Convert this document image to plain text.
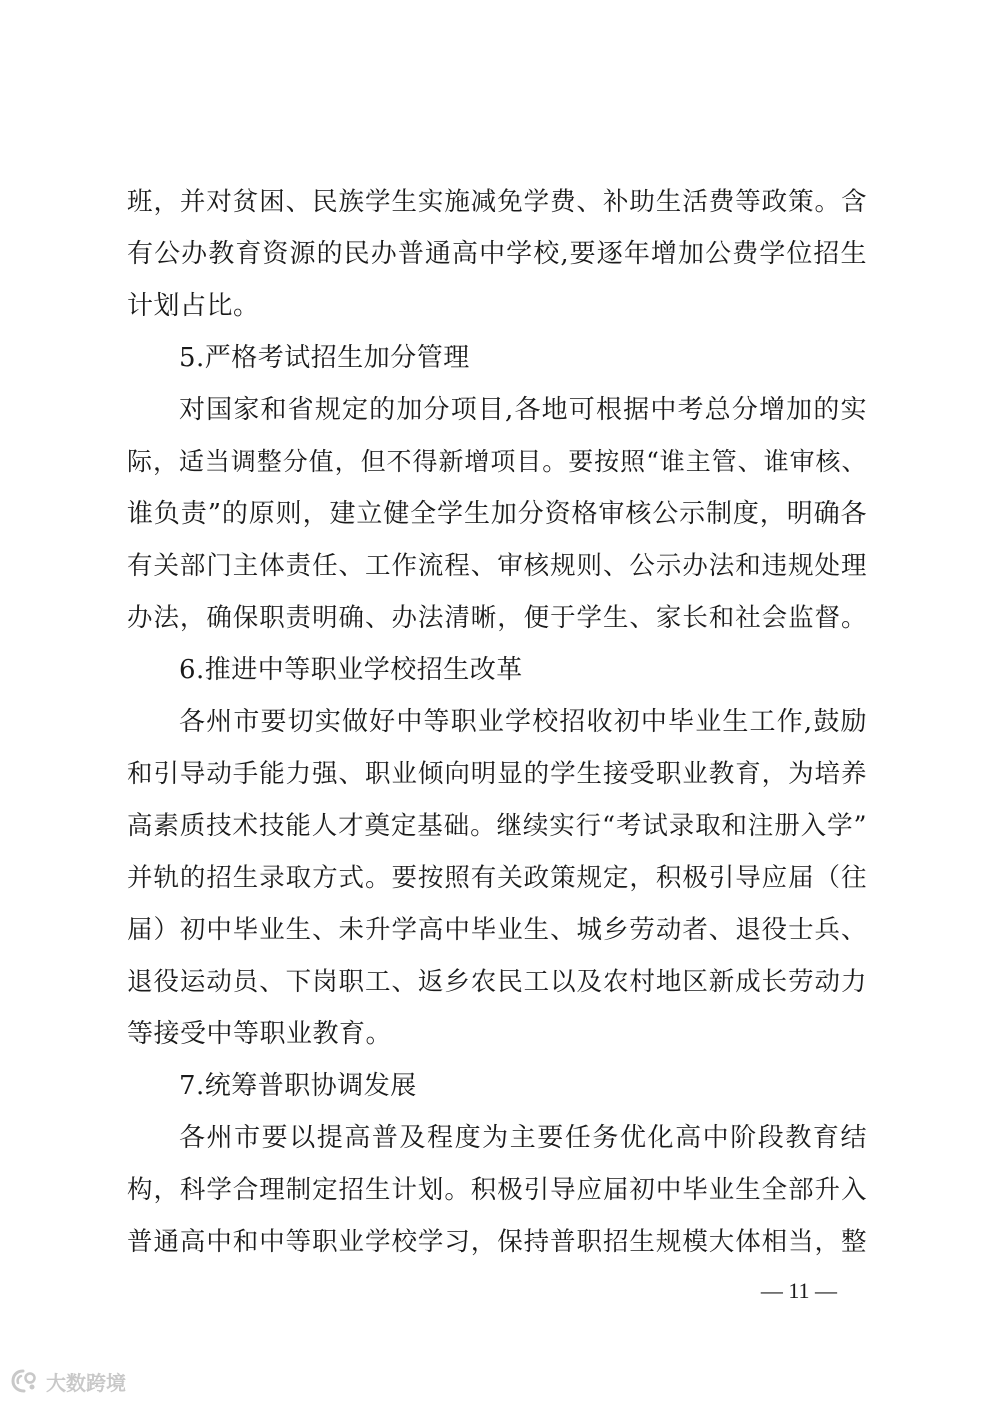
班，并对贫困、民族学生实施减免学费、补助生活费等政策。含
有公办教育资源的民办普通高中学校,要逐年增加公费学位招生
计划占比。
5.严格考试招生加分管理
对国家和省规定的加分项目,各地可根据中考总分增加的实
际，适当调整分值，但不得新增项目。要按照“谁主管、谁审核、
谁负责”的原则，建立健全学生加分资格审核公示制度，明确各
有关部门主体责任、工作流程、审核规则、公示办法和违规处理
办法，确保职责明确、办法清晰，便于学生、家长和社会监督。
6.推进中等职业学校招生改革
各州市要切实做好中等职业学校招收初中毕业生工作,鼓励
和引导动手能力强、职业倾向明显的学生接受职业教育，为培养
高素质技术技能人才奠定基础。继续实行“考试录取和注册入学”
并轨的招生录取方式。要按照有关政策规定，积极引导应届（往
届）初中毕业生、未升学高中毕业生、城乡劳动者、退役士兵、
退役运动员、下岗职工、返乡农民工以及农村地区新成长劳动力
等接受中等职业教育。
7.统筹普职协调发展
各州市要以提高普及程度为主要任务优化高中阶段教育结
构，科学合理制定招生计划。积极引导应届初中毕业生全部升入
普通高中和中等职业学校学习，保持普职招生规模大体相当，整
— 11 —
大数跨境
